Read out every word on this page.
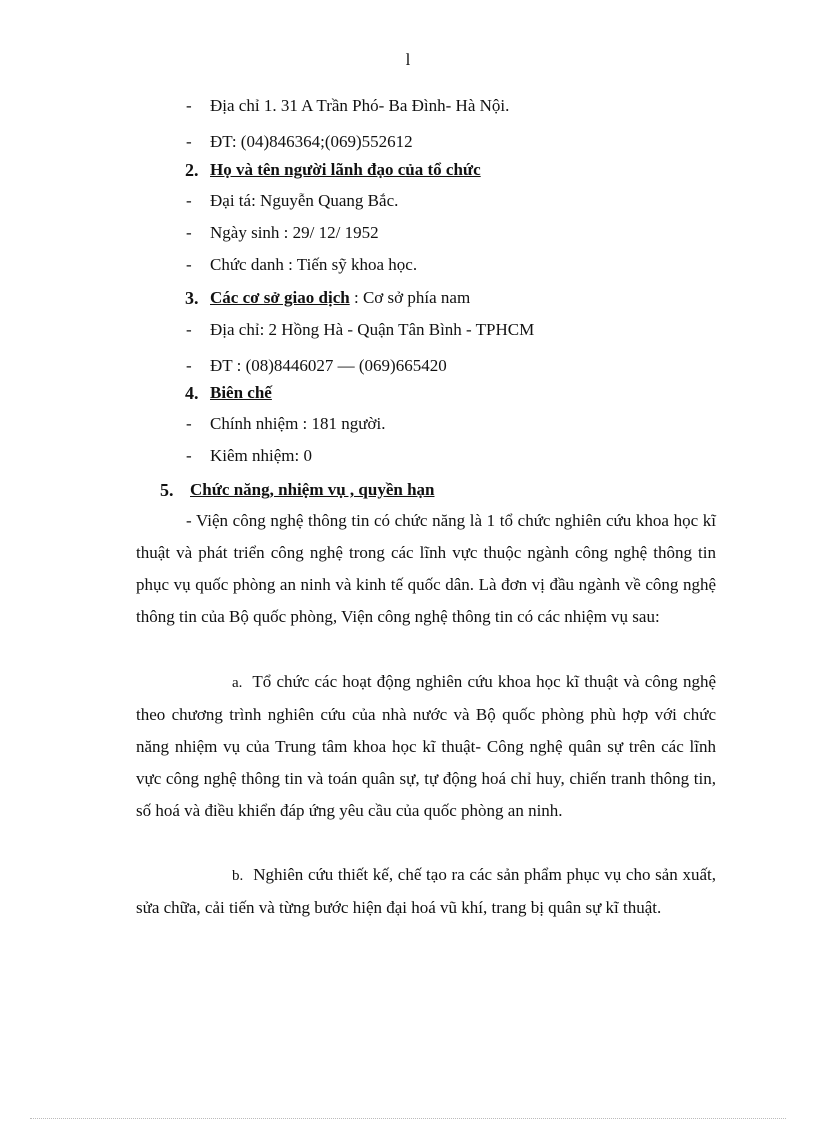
l
- Địa chỉ 1. 31 A Trần Phó- Ba Đình- Hà Nội.
- ĐT: (04)846364;(069)552612
2. Họ và tên người lãnh đạo của tổ chức
- Đại tá: Nguyễn Quang Bắc.
- Ngày sinh : 29/ 12/ 1952
- Chức danh : Tiến sỹ khoa học.
3. Các cơ sở giao dịch : Cơ sở phía nam
- Địa chỉ: 2 Hồng Hà - Quận Tân Bình - TPHCM
- ĐT : (08)8446027 — (069)665420
4. Biên chế
- Chính nhiệm : 181 người.
- Kiêm nhiệm: 0
5. Chức năng, nhiệm vụ , quyền hạn

- Viện công nghệ thông tin có chức năng là 1 tổ chức nghiên cứu khoa học kĩ thuật và phát triển công nghệ trong các lĩnh vực thuộc ngành công nghệ thông tin phục vụ quốc phòng an ninh và kinh tế quốc dân. Là đơn vị đầu ngành về công nghệ thông tin của Bộ quốc phòng, Viện công nghệ thông tin có các nhiệm vụ sau:

a. Tổ chức các hoạt động nghiên cứu khoa học kĩ thuật và công nghệ theo chương trình nghiên cứu của nhà nước và Bộ quốc phòng phù hợp với chức năng nhiệm vụ của Trung tâm khoa học kĩ thuật- Công nghệ quân sự trên các lĩnh vực công nghệ thông tin và toán quân sự, tự động hoá chỉ huy, chiến tranh thông tin, số hoá và điều khiển đáp ứng yêu cầu của quốc phòng an ninh.

b. Nghiên cứu thiết kế, chế tạo ra các sản phẩm phục vụ cho sản xuất, sửa chữa, cải tiến và từng bước hiện đại hoá vũ khí, trang bị quân sự kĩ thuật.
